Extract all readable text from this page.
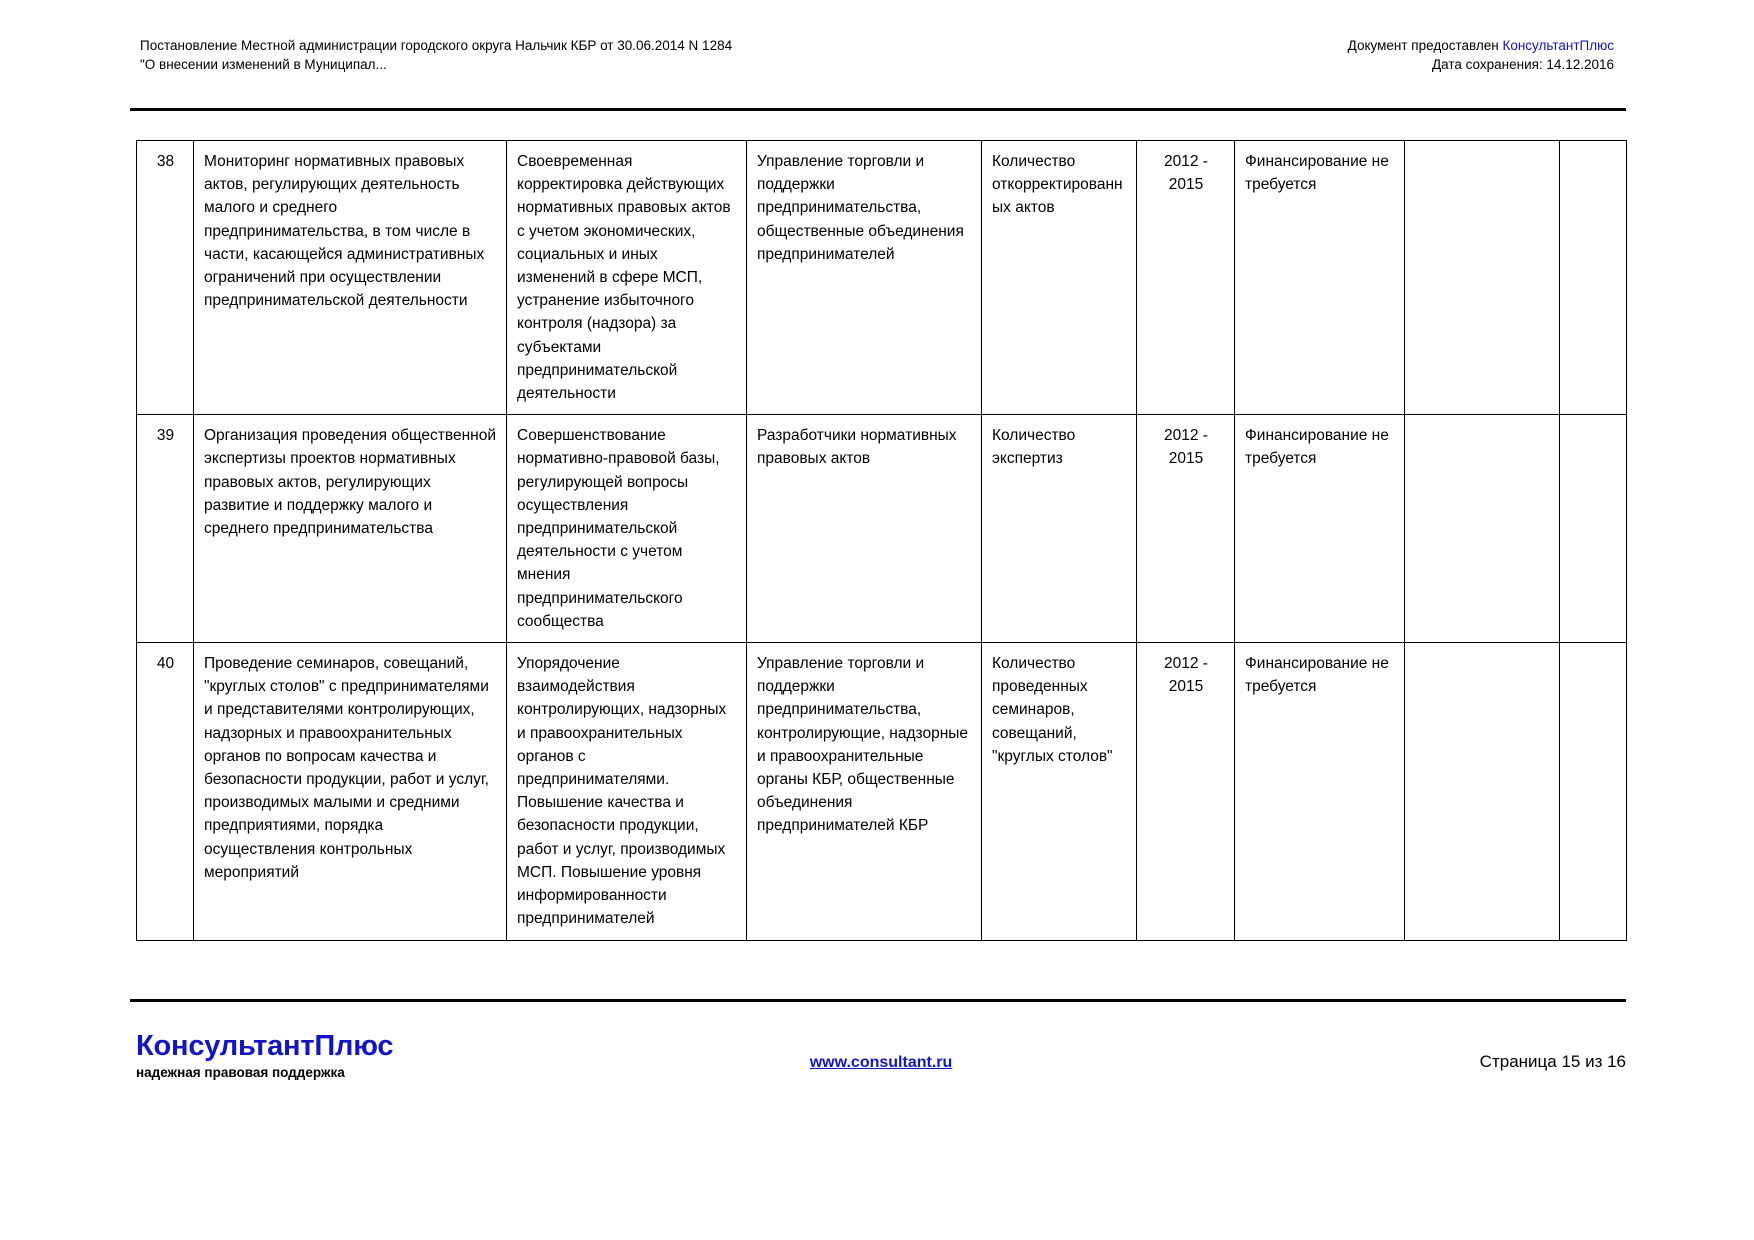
Постановление Местной администрации городского округа Нальчик КБР от 30.06.2014 N 1284
"О внесении изменений в Муниципал...
Документ предоставлен КонсультантПлюс
Дата сохранения: 14.12.2016
38	Мониторинг нормативных правовых актов, регулирующих деятельность малого и среднего предпринимательства, в том числе в части, касающейся административных ограничений при осуществлении предпринимательской деятельности	Своевременная корректировка действующих нормативных правовых актов с учетом экономических, социальных и иных изменений в сфере МСП, устранение избыточного контроля (надзора) за субъектами предпринимательской деятельности	Управление торговли и поддержки предпринимательства, общественные объединения предпринимателей	Количество откорректированных актов	2012 - 2015	Финансирование не требуется		
39	Организация проведения общественной экспертизы проектов нормативных правовых актов, регулирующих развитие и поддержку малого и среднего предпринимательства	Совершенствование нормативно-правовой базы, регулирующей вопросы осуществления предпринимательской деятельности с учетом мнения предпринимательского сообщества	Разработчики нормативных правовых актов	Количество экспертиз	2012 - 2015	Финансирование не требуется		
40	Проведение семинаров, совещаний, "круглых столов" с предпринимателями и представителями контролирующих, надзорных и правоохранительных органов по вопросам качества и безопасности продукции, работ и услуг, производимых малыми и средними предприятиями, порядка осуществления контрольных мероприятий	Упорядочение взаимодействия контролирующих, надзорных и правоохранительных органов с предпринимателями. Повышение качества и безопасности продукции, работ и услуг, производимых МСП. Повышение уровня информированности предпринимателей	Управление торговли и поддержки предпринимательства, контролирующие, надзорные и правоохранительные органы КБР, общественные объединения предпринимателей КБР	Количество проведенных семинаров, совещаний, "круглых столов"	2012 - 2015	Финансирование не требуется		
КонсультантПлюс
надежная правовая поддержка
www.consultant.ru	Страница 15 из 16
